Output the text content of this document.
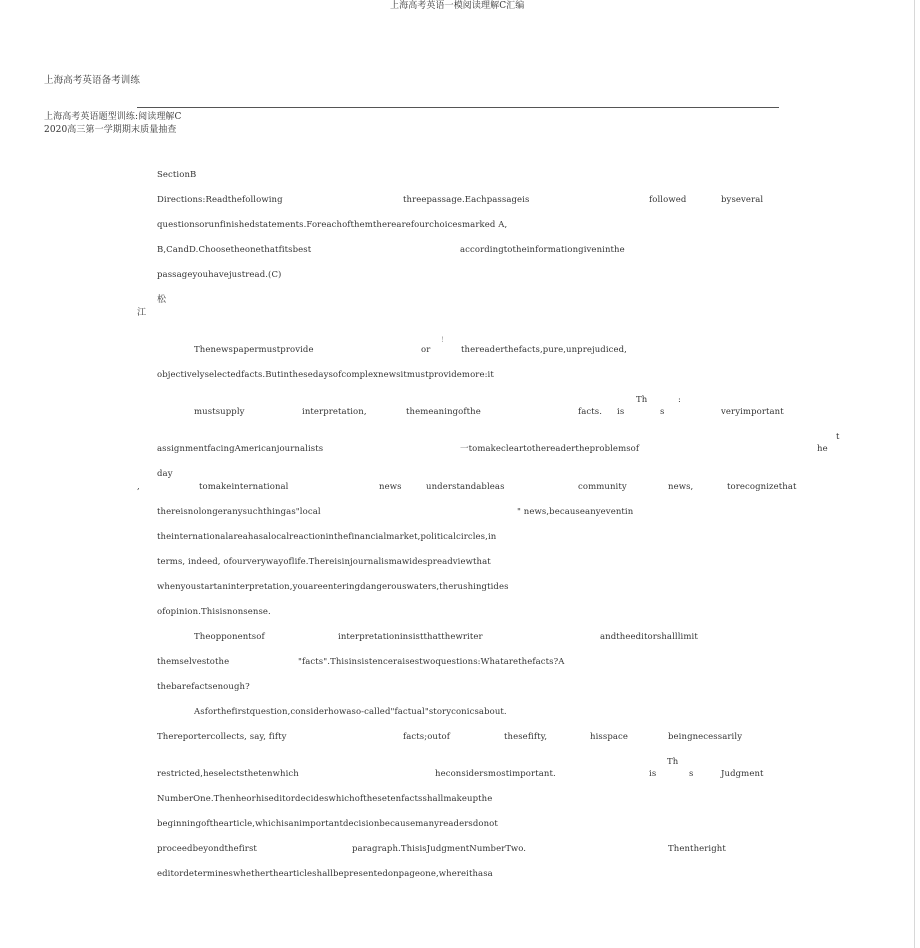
上海高考英语一模阅读理解C汇编
上海高考英语备考训练
上海高考英语题型训练:阅读理解C
2020高三第一学期期末质量抽查
SectionB
Directions:Readthefollowing	threepassage.Eachpassageis	followed	byseveral
questionsorunfinishedstatements.Foreachofthemtherearefourchoicesmarked A,
B,CandD.Choosetheonethatfitsbest	accordingtotheinformationgiveninthe
passageyouhavejustread.(C)
松
江
!
Thenewspapermustprovide	or	thereaderthefacts,pure,unprejudiced,
objectivelyselectedfacts.Butinthesedaysofcomplexnewsitmustprovidemore:it
Th	:
mustsupply	interpretation,	themeaningofthe	facts. is	s	veryimportant
t
assignmentfacingAmericanjournalists	一tomakecleartothereadertheproblemsof	he
day
,	tomakeinternational	news	understandableas	community	news,	torecognizethat
thereisnolongeranysuchthingas"local	" news,becauseanyeventin
theinternationalareahasalocalreactioninthefinancialmarket,politicalcircles,in
terms, indeed, ofourverywayoflife.Thereisinjournalismawidespreadviewthat
whenyoustartaninterpretation,youareenteringdangerouswaters,therushingtides
ofopinion.Thisisnonsense.
Theopponentsof	interpretationinsistthatthewriter	andtheeditorshalllimit
themselvestothe	"facts".Thisinsistenceraisestwoquestions:Whatarethefacts?A
thebarefactsenough?
Asforthefirstquestion,considerhowaso-called"factual"storyconicsabout.
Thereportercollects, say, fifty	facts;outof	thesefifty,	hisspace	beingnecessarily
Th
restricted,heselectsthetenwhich	heconsidersmostimportant.	is	s	Judgment
NumberOne.Thenheorhiseditordecideswhichofthesetenfactsshallmakeupthe
beginningofthearticle,whichisanimportantdecisionbecausemanyreadersdonot
proceedbeyondthefirst	paragraph.ThisisJudgmentNumberTwo.	Thentheright
editordetermineswhetherthearticleshallbepresentedonpageone,whereithasa
